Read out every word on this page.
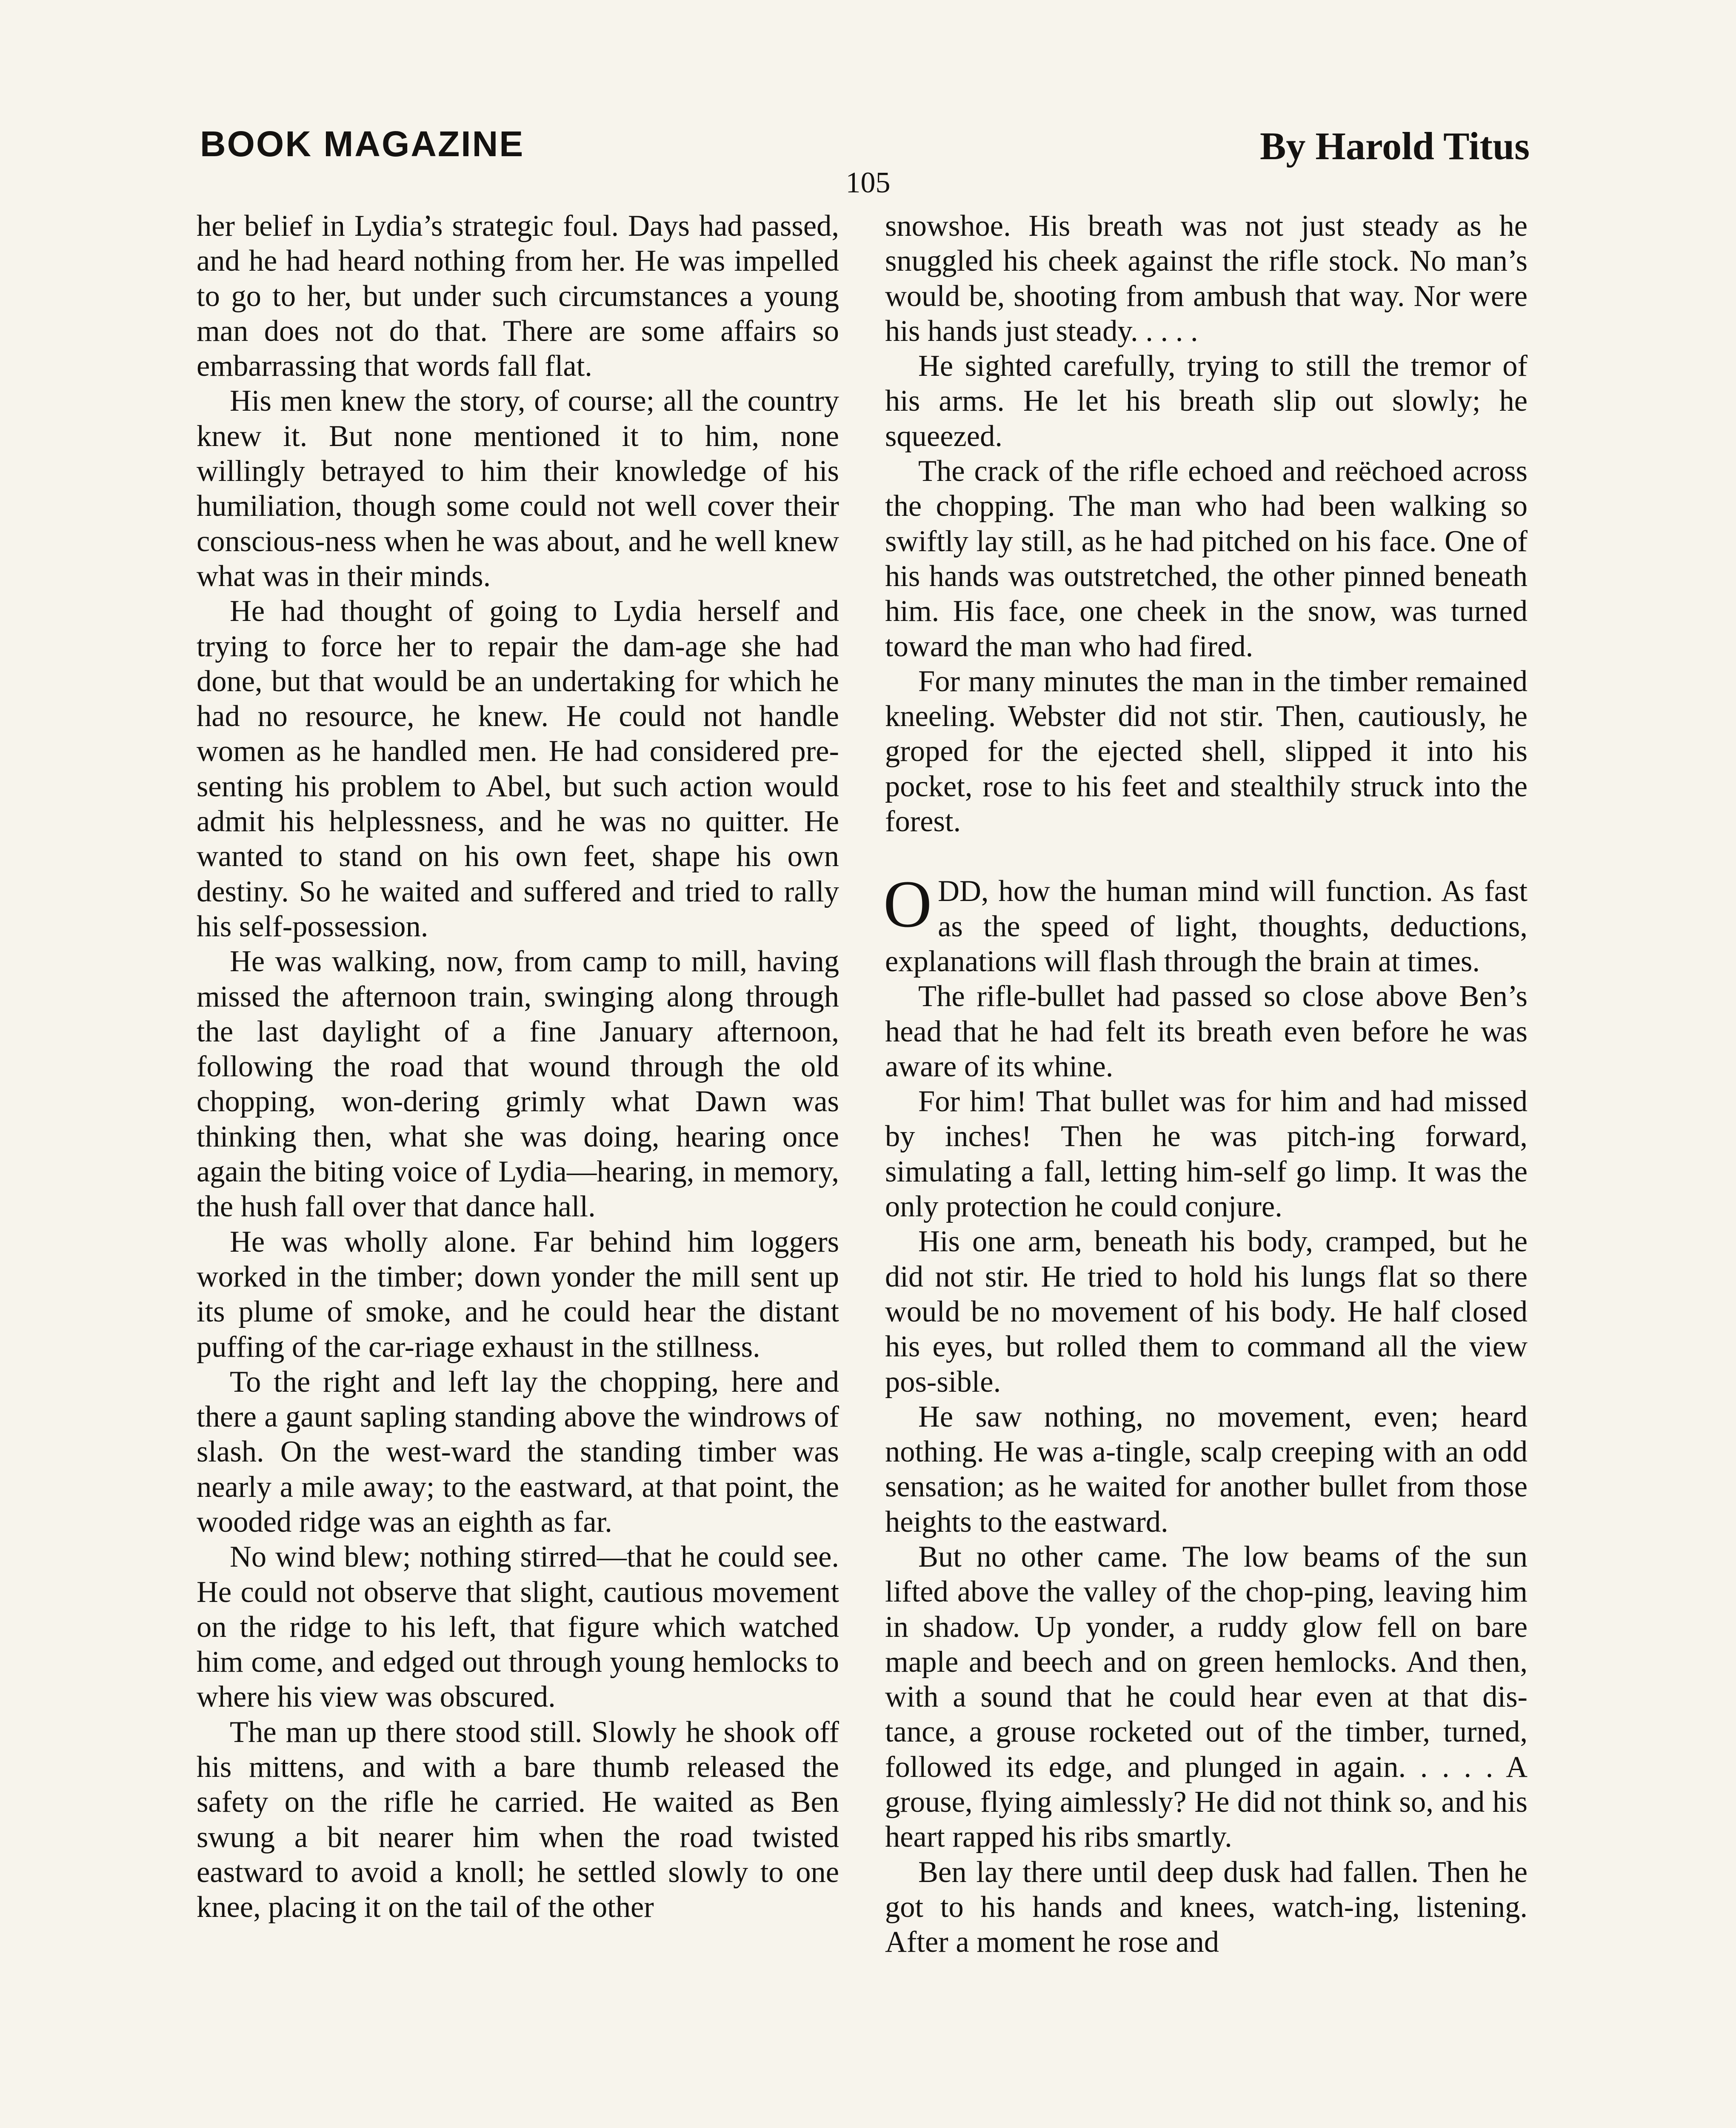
BOOK MAGAZINE	By Harold Titus
105

her belief in Lydia’s strategic foul. Days had passed, and he had heard nothing from her. He was impelled to go to her, but under such circumstances a young man does not do that. There are some affairs so embarrassing that words fall flat.

His men knew the story, of course; all the country knew it. But none mentioned it to him, none willingly betrayed to him their knowledge of his humiliation, though some could not well cover their conscious-ness when he was about, and he well knew what was in their minds.

He had thought of going to Lydia herself and trying to force her to repair the dam-age she had done, but that would be an undertaking for which he had no resource, he knew. He could not handle women as he handled men. He had considered pre-senting his problem to Abel, but such action would admit his helplessness, and he was no quitter. He wanted to stand on his own feet, shape his own destiny. So he waited and suffered and tried to rally his self-possession.

He was walking, now, from camp to mill, having missed the afternoon train, swinging along through the last daylight of a fine January afternoon, following the road that wound through the old chopping, won-dering grimly what Dawn was thinking then, what she was doing, hearing once again the biting voice of Lydia—hearing, in memory, the hush fall over that dance hall.

He was wholly alone. Far behind him loggers worked in the timber; down yonder the mill sent up its plume of smoke, and he could hear the distant puffing of the car-riage exhaust in the stillness.

To the right and left lay the chopping, here and there a gaunt sapling standing above the windrows of slash. On the west-ward the standing timber was nearly a mile away; to the eastward, at that point, the wooded ridge was an eighth as far.

No wind blew; nothing stirred—that he could see. He could not observe that slight, cautious movement on the ridge to his left, that figure which watched him come, and edged out through young hemlocks to where his view was obscured.

The man up there stood still. Slowly he shook off his mittens, and with a bare thumb released the safety on the rifle he carried. He waited as Ben swung a bit nearer him when the road twisted eastward to avoid a knoll; he settled slowly to one knee, placing it on the tail of the other

snowshoe. His breath was not just steady as he snuggled his cheek against the rifle stock. No man’s would be, shooting from ambush that way. Nor were his hands just steady. . . . .

He sighted carefully, trying to still the tremor of his arms. He let his breath slip out slowly; he squeezed.

The crack of the rifle echoed and reëchoed across the chopping. The man who had been walking so swiftly lay still, as he had pitched on his face. One of his hands was outstretched, the other pinned beneath him. His face, one cheek in the snow, was turned toward the man who had fired.

For many minutes the man in the timber remained kneeling. Webster did not stir. Then, cautiously, he groped for the ejected shell, slipped it into his pocket, rose to his feet and stealthily struck into the forest.

ODD, how the human mind will function. As fast as the speed of light, thoughts, deductions, explanations will flash through the brain at times.

The rifle-bullet had passed so close above Ben’s head that he had felt its breath even before he was aware of its whine.

For him! That bullet was for him and had missed by inches! Then he was pitch-ing forward, simulating a fall, letting him-self go limp. It was the only protection he could conjure.

His one arm, beneath his body, cramped, but he did not stir. He tried to hold his lungs flat so there would be no movement of his body. He half closed his eyes, but rolled them to command all the view pos-sible.

He saw nothing, no movement, even; heard nothing. He was a-tingle, scalp creeping with an odd sensation; as he waited for another bullet from those heights to the eastward.

But no other came. The low beams of the sun lifted above the valley of the chop-ping, leaving him in shadow. Up yonder, a ruddy glow fell on bare maple and beech and on green hemlocks. And then, with a sound that he could hear even at that dis-tance, a grouse rocketed out of the timber, turned, followed its edge, and plunged in again. . . . . A grouse, flying aimlessly? He did not think so, and his heart rapped his ribs smartly.

Ben lay there until deep dusk had fallen. Then he got to his hands and knees, watch-ing, listening. After a moment he rose and
